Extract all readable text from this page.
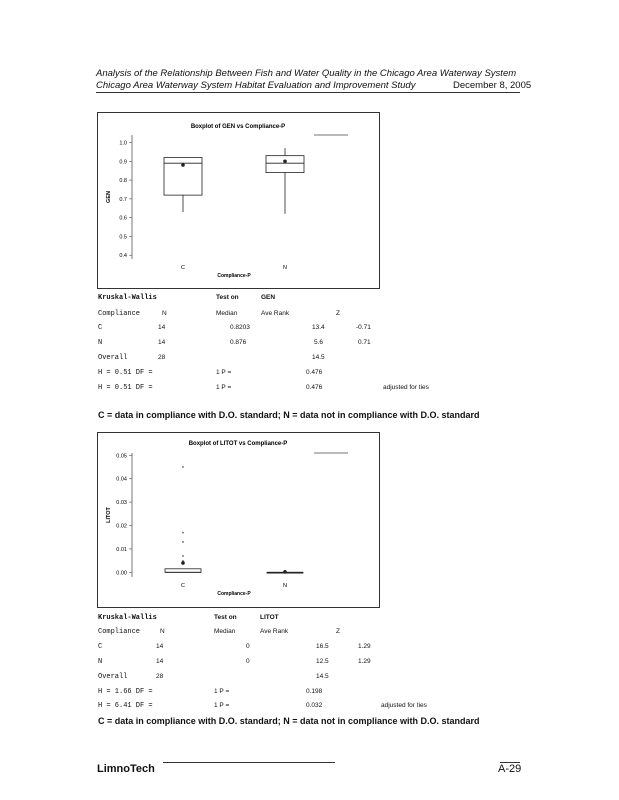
Analysis of the Relationship Between Fish and Water Quality in the Chicago Area Waterway System
Chicago Area Waterway System Habitat Evaluation and Improvement Study	December 8, 2005
Boxplot of GEN vs Compliance-P
0.4
0.5
0.6
0.7
0.8
0.9
1.0
GEN
Compliance-P
C	N
Kruskal-Wallis	Test on	GEN
Compliance	N	Median	Ave Rank	Z
C	14	0.8203	13.4	-0.71
N	14	0.876	5.6	0.71
Overall	28	14.5
H = 0.51 DF =	1 P =	0.476
H = 0.51 DF =	1 P =	0.476	adjusted for ties
C = data in compliance with D.O. standard; N = data not in compliance with D.O. standard
Boxplot of LITOT vs Compliance-P
0.00
0.01
0.02
0.03
0.04
0.05
LITOT
Compliance-P
C	N
*
*
*
*
*
Kruskal-Wallis	Test on	LITOT
Compliance	N	Median	Ave Rank	Z
C	14	0	16.5	1.29
N	14	0	12.5	1.29
Overall	28	14.5
H = 1.66 DF =	1 P =	0.198
H = 6.41 DF =	1 P =	0.032	adjusted for ties
C = data in compliance with D.O. standard; N = data not in compliance with D.O. standard
LimnoTech	A-29
